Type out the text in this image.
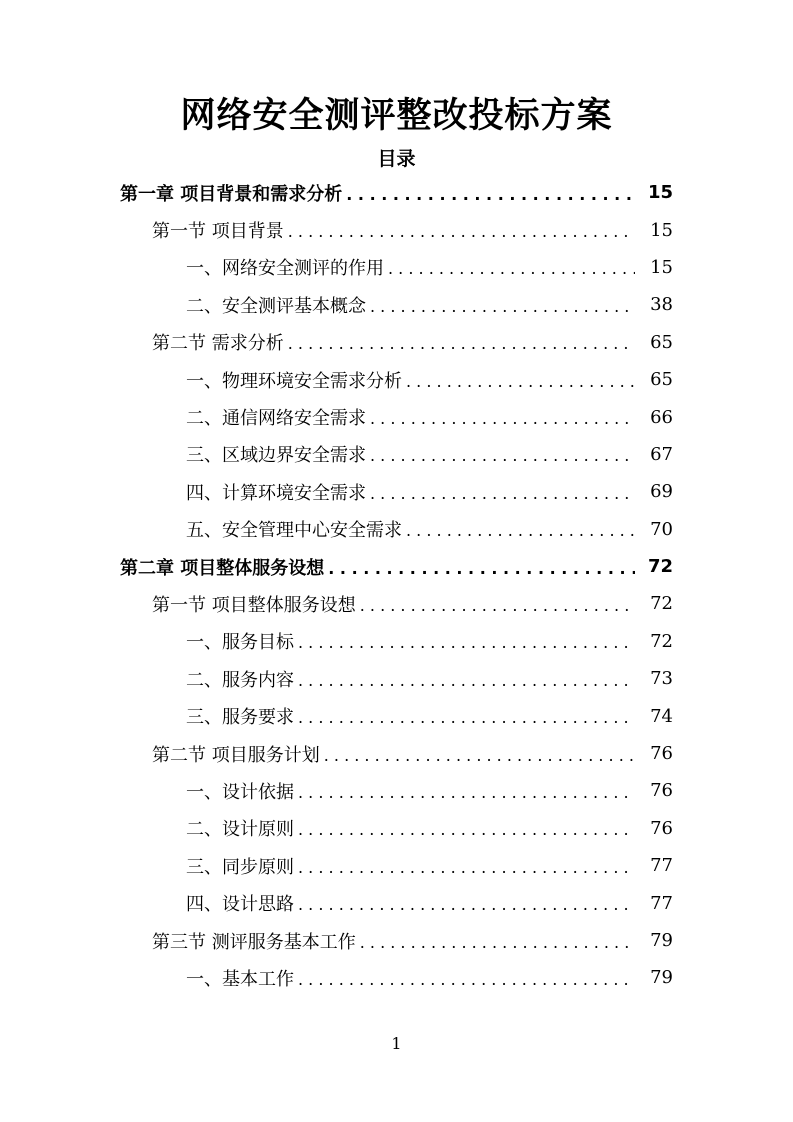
网络安全测评整改投标方案
目录
第一章 项目背景和需求分析 . . .	15
第一节 项目背景 . . .	15
一、网络安全测评的作用 . . .	15
二、安全测评基本概念 . . .	38
第二节 需求分析 . . .	65
一、物理环境安全需求分析 . . .	65
二、通信网络安全需求 . . .	66
三、区域边界安全需求 . . .	67
四、计算环境安全需求 . . .	69
五、安全管理中心安全需求 . . .	70
第二章 项目整体服务设想 . . .	72
第一节 项目整体服务设想 . . .	72
一、服务目标 . . .	72
二、服务内容 . . .	73
三、服务要求 . . .	74
第二节 项目服务计划 . . .	76
一、设计依据 . . .	76
二、设计原则 . . .	76
三、同步原则 . . .	77
四、设计思路 . . .	77
第三节 测评服务基本工作 . . .	79
一、基本工作 . . .	79
1
